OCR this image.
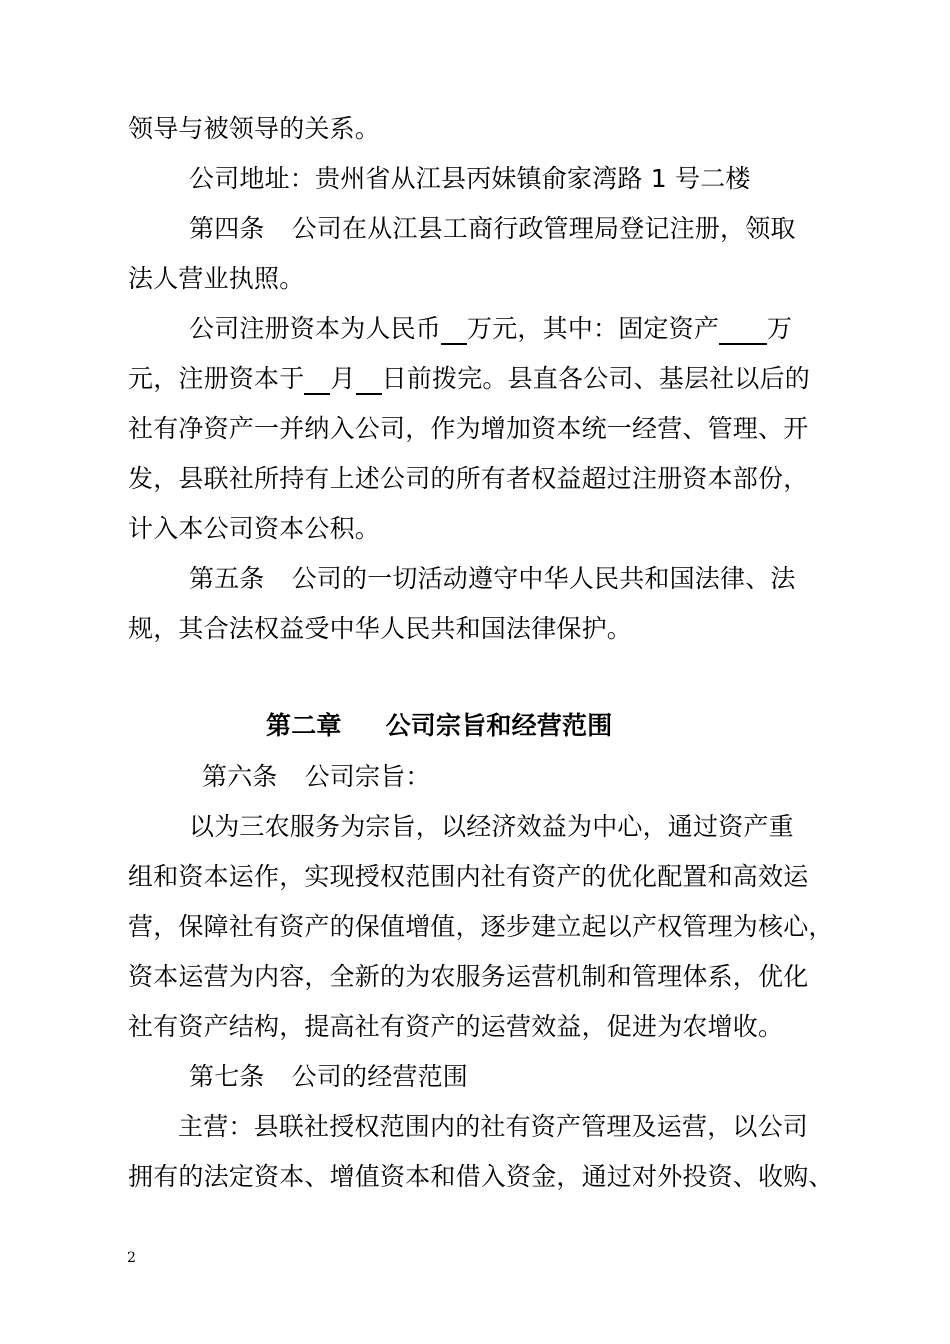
领导与被领导的关系。
公司地址：贵州省从江县丙妹镇俞家湾路 1 号二楼
第四条 公司在从江县工商行政管理局登记注册，领取
法人营业执照。
公司注册资本为人民币 万元，其中：固定资产 万
元，注册资本于 月 日前拨完。县直各公司、基层社以后的
社有净资产一并纳入公司，作为增加资本统一经营、管理、开
发，县联社所持有上述公司的所有者权益超过注册资本部份，
计入本公司资本公积。
第五条 公司的一切活动遵守中华人民共和国法律、法
规，其合法权益受中华人民共和国法律保护。
第二章 公司宗旨和经营范围
第六条 公司宗旨：
以为三农服务为宗旨，以经济效益为中心，通过资产重
组和资本运作，实现授权范围内社有资产的优化配置和高效运
营，保障社有资产的保值增值，逐步建立起以产权管理为核心，
资本运营为内容，全新的为农服务运营机制和管理体系，优化
社有资产结构，提高社有资产的运营效益，促进为农增收。
第七条 公司的经营范围
主营：县联社授权范围内的社有资产管理及运营，以公司
拥有的法定资本、增值资本和借入资金，通过对外投资、收购、
2
